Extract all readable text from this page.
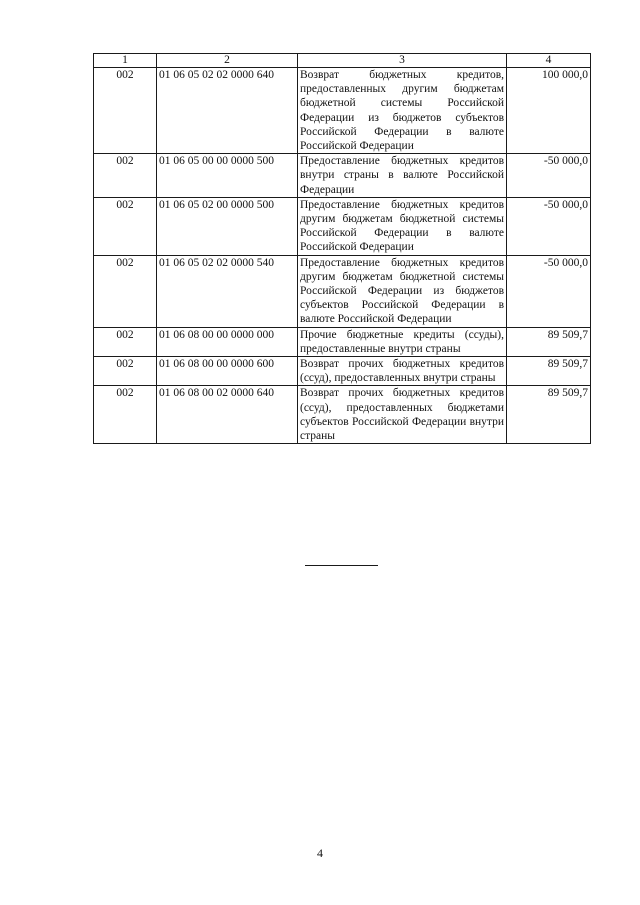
1	2	3	4
002	01 06 05 02 02 0000 640	Возврат бюджетных кредитов, предоставленных другим бюджетам бюджетной системы Российской Федерации из бюджетов субъектов Российской Федерации в валюте Российской Федерации	100 000,0
002	01 06 05 00 00 0000 500	Предоставление бюджетных кредитов внутри страны в валюте Российской Федерации	-50 000,0
002	01 06 05 02 00 0000 500	Предоставление бюджетных кредитов другим бюджетам бюджетной системы Российской Федерации в валюте Российской Федерации	-50 000,0
002	01 06 05 02 02 0000 540	Предоставление бюджетных кредитов другим бюджетам бюджетной системы Российской Федерации из бюджетов субъектов Российской Федерации в валюте Российской Федерации	-50 000,0
002	01 06 08 00 00 0000 000	Прочие бюджетные кредиты (ссуды), предоставленные внутри страны	89 509,7
002	01 06 08 00 00 0000 600	Возврат прочих бюджетных кредитов (ссуд), предоставленных внутри страны	89 509,7
002	01 06 08 00 02 0000 640	Возврат прочих бюджетных кредитов (ссуд), предоставленных бюджетами субъектов Российской Федерации внутри страны	89 509,7
4
